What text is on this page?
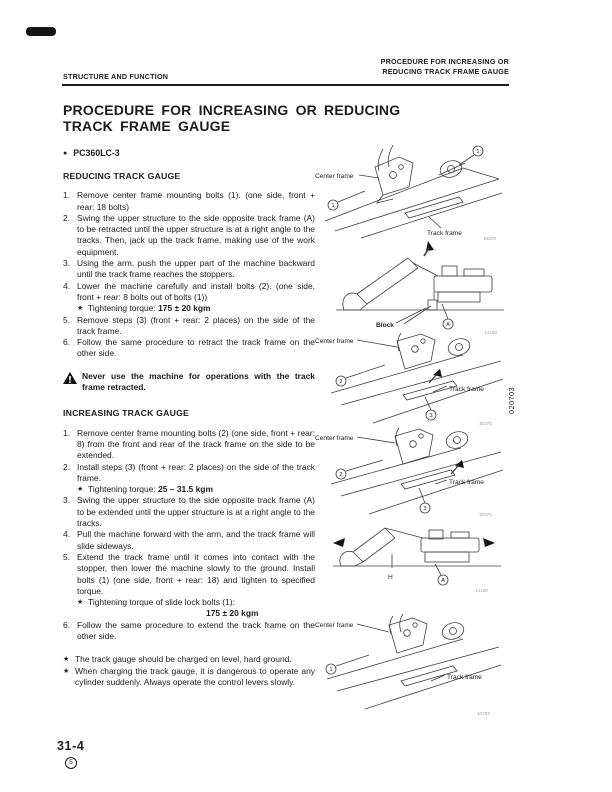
STRUCTURE AND FUNCTION
PROCEDURE FOR INCREASING OR
REDUCING TRACK FRAME GAUGE
PROCEDURE FOR INCREASING OR REDUCING
TRACK FRAME GAUGE
● PC360LC-3
REDUCING TRACK GAUGE
1. Remove center frame mounting bolts (1). (one side, front + rear: 18 bolts)
2. Swing the upper structure to the side opposite track frame (A) to be retracted until the upper structure is at a right angle to the tracks. Then, jack up the track frame, making use of the work equipment.
3. Using the arm, push the upper part of the machine backward until the track frame reaches the stoppers.
4. Lower the machine carefully and install bolts (2). (one side, front + rear: 8 bolts out of bolts (1))
★ Tightening torque: 175 ± 20 kgm
5. Remove steps (3) (front + rear: 2 places) on the side of the track frame.
6. Follow the same procedure to retract the track frame on the other side.
Never use the machine for operations with the track frame retracted.
INCREASING TRACK GAUGE
1. Remove center frame mounting bolts (2) (one side, front + rear: 8) from the front and rear of the track frame on the side to be extended.
2. Install steps (3) (front + rear: 2 places) on the side of the track frame.
★ Tightening torque: 25 – 31.5 kgm
3. Swing the upper structure to the side opposite track frame (A) to be extended until the upper structure is at a right angle to the tracks.
4. Pull the machine forward with the arm, and the track frame will slide sideways.
5. Extend the track frame until it comes into contact with the stopper, then lower the machine slowly to the ground. Install bolts (1) (one side, front + rear: 18) and tighten to specified torque.
★ Tightening torque of slide lock bolts (1):
175 ± 20 kgm
6. Follow the same procedure to extend the track frame on the other side.
★ The track gauge should be charged on level, hard ground.
★ When charging the track gauge, it is dangerous to operate any cylinder suddenly. Always operate the control levers slowly.
Center frame
1
1
Track frame
10370
Block	A
14159
Center frame
2
3
Track frame
10375
Center frame
2
3
Track frame
10376
H	A
14158
Center frame
1
Track frame
10703
020703
31-4
5
